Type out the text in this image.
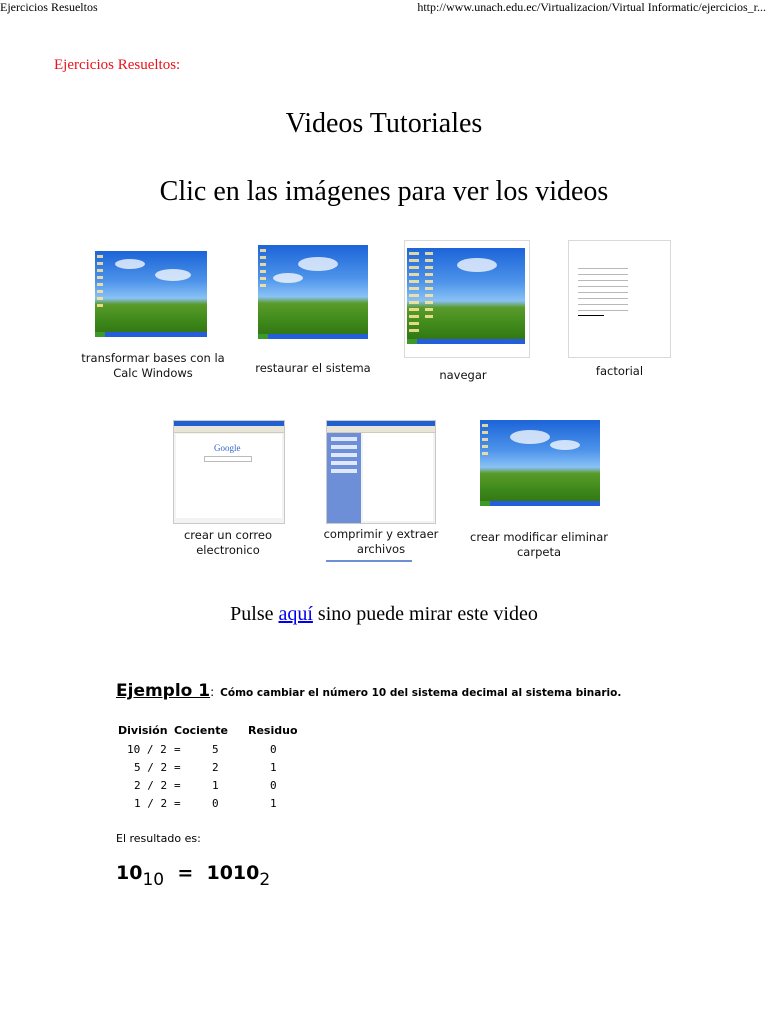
Ejercicios Resueltos	http://www.unach.edu.ec/Virtualizacion/Virtual Informatic/ejercicios_r...
Ejercicios Resueltos:
Videos Tutoriales
Clic en las imágenes para ver los videos
transformar bases con la Calc Windows	restaurar el sistema	navegar	factorial
Google
crear un correo electronico
comprimir y extraer archivos
crear modificar eliminar carpeta
Pulse aquí sino puede mirar este video
Ejemplo 1: Cómo cambiar el número 10 del sistema decimal al sistema binario.
División Cociente Residuo
10 / 2 =	5	0
5 / 2 =	2	1
2 / 2 =	1	0
1 / 2 =	0	1
El resultado es:
$10_{10} = 1010_2$
